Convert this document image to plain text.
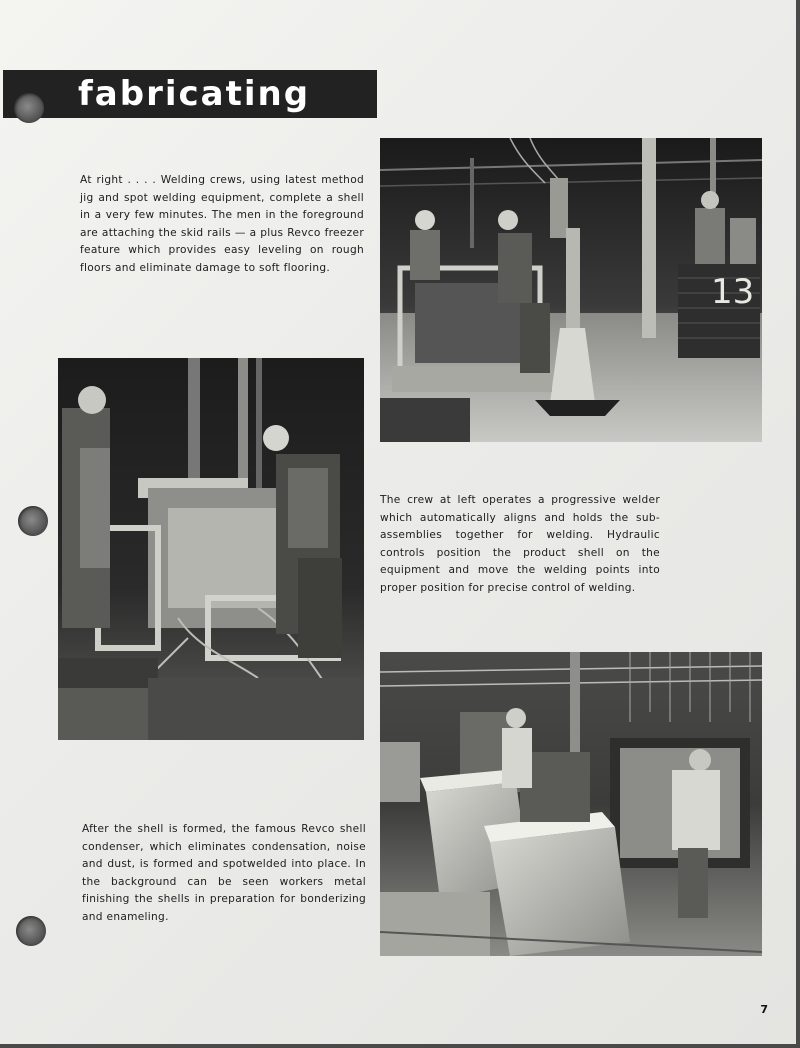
fabricating

At right . . . . Welding crews, using latest method jig and spot welding equipment, complete a shell in a very few minutes. The men in the foreground are attaching the skid rails — a plus Revco freezer feature which provides easy leveling on rough floors and eliminate damage to soft flooring.

13

The crew at left operates a progressive welder which automatically aligns and holds the sub-assemblies together for welding. Hydraulic controls position the product shell on the equipment and move the welding points into proper position for precise control of welding.

After the shell is formed, the famous Revco shell condenser, which eliminates condensation, noise and dust, is formed and spotwelded into place. In the background can be seen workers metal finishing the shells in preparation for bonderizing and enameling.

7
